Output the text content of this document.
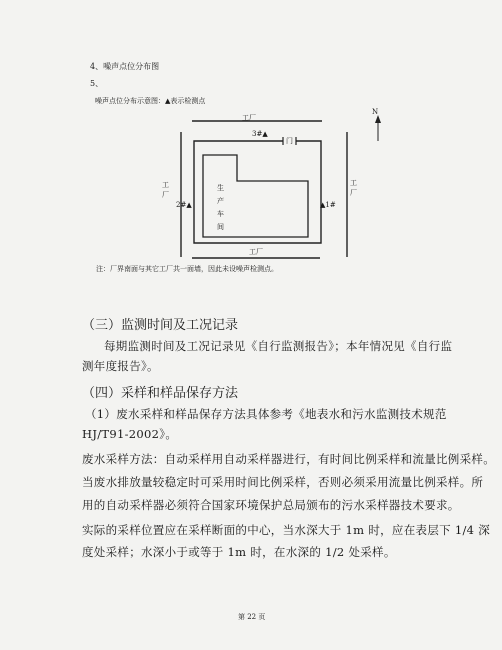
4、噪声点位分布图
5、
噪声点位分布示意图：▲表示检测点
工厂
3#▲
门
N
工
厂
工
厂
2#▲	▲1#
生
产
车
间
工厂
注：厂界南面与其它工厂共一面墙，因此未设噪声检测点。
（三）监测时间及工况记录
每期监测时间及工况记录见《自行监测报告》；本年情况见《自行监
测年度报告》。
（四）采样和样品保存方法
（1）废水采样和样品保存方法具体参考《地表水和污水监测技术规范
HJ/T91-2002》。
废水采样方法：自动采样用自动采样器进行，有时间比例采样和流量比例采样。
当废水排放量较稳定时可采用时间比例采样，否则必须采用流量比例采样。所
用的自动采样器必须符合国家环境保护总局颁布的污水采样器技术要求。
实际的采样位置应在采样断面的中心，当水深大于 1m 时，应在表层下 1/4 深
度处采样；水深小于或等于 1m 时，在水深的 1/2 处采样。
第 22 页
